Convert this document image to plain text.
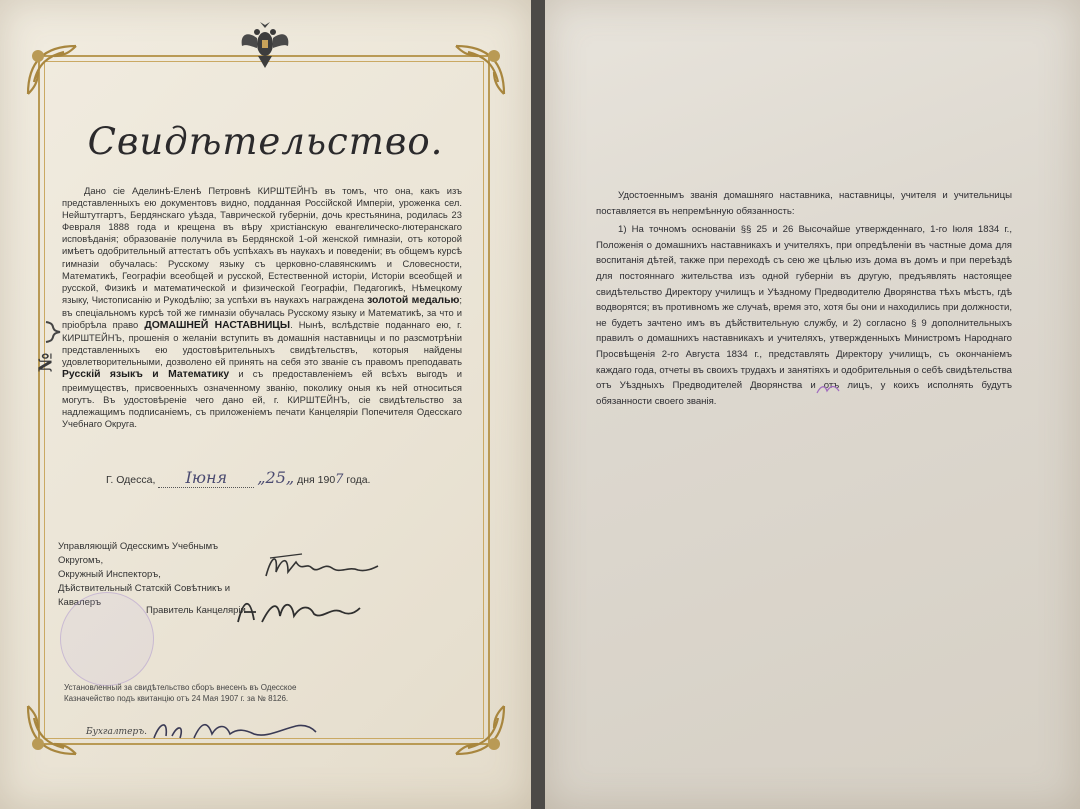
Свидѣтельство.
Дано сіе Аделинѣ-Еленѣ Петровнѣ КИРШТЕЙНЪ въ томъ, что она, какъ изъ представленныхъ ею документовъ видно, подданная Россійской Имперіи, уроженка сел. Нейштутгартъ, Бердянскаго уѣзда, Таврической губерніи, дочь крестьянина, родилась 23 Февраля 1888 года и крещена въ вѣру христіанскую евангелическо-лютеранскаго исповѣданія; образованіе получила въ Бердянской 1-ой женской гимназіи, отъ которой имѣетъ одобрительный аттестатъ объ успѣхахъ въ наукахъ и поведеніи; въ общемъ курсѣ гимназіи обучалась: Русскому языку съ церковно-славянскимъ и Словесности, Математикѣ, Географіи всеобщей и русской, Естественной исторіи, Исторіи всеобщей и русской, Физикѣ и математической и физической Географіи, Педагогикѣ, Нѣмецкому языку, Чистописанію и Рукодѣлію; за успѣхи въ наукахъ награждена золотой медалью; въ спеціальномъ курсѣ той же гимназіи обучалась Русскому языку и Математикѣ, за что и пріобрѣла право ДОМАШНЕЙ НАСТАВНИЦЫ. Нынѣ, вслѣдствіе поданнаго ею, г. КИРШТЕЙНЪ, прошенія о желаніи вступить въ домашнія наставницы и по разсмотрѣніи представленныхъ ею удостовѣрительныхъ свидѣтельствъ, которыя найдены удовлетворительными, дозволено ей принять на себя это званіе съ правомъ преподавать Русскій языкъ и Математику и съ предоставленіемъ ей всѣхъ выгодъ и преимуществъ, присвоенныхъ означенному званію, поколику оныя къ ней относиться могутъ. Въ удостовѣреніе чего дано ей, г. КИРШТЕЙНЪ, сіе свидѣтельство за надлежащимъ подписаніемъ, съ приложеніемъ печати Канцеляріи Попечителя Одесскаго Учебнаго Округа.
№
Г. Одесса, Іюня „25„ дня 1907 года.
Управляющій Одесскимъ Учебнымъ Округомъ,
Окружный Инспекторъ,
Дѣйствительный Статскій Совѣтникъ и Кавалеръ
Правитель Канцеляріи
Установленный за свидѣтельство сборъ внесенъ въ Одесское Казначейство подъ квитанцію отъ 24 Мая 1907 г. за № 8126.
Бухгалтеръ.

Удостоеннымъ званія домашняго наставника, наставницы, учителя и учительницы поставляется въ непремѣнную обязанность:

1) На точномъ основаніи §§ 25 и 26 Высочайше утвержденнаго, 1-го Іюля 1834 г., Положенія о домашнихъ наставникахъ и учителяхъ, при опредѣленіи въ частные дома для воспитанія дѣтей, также при переходѣ съ сею же цѣлью изъ дома въ домъ и при переѣздѣ для постояннаго жительства изъ одной губерніи въ другую, предъявлять настоящее свидѣтельство Директору училищъ и Уѣздному Предводителю Дворянства тѣхъ мѣстъ, гдѣ водворятся; въ противномъ же случаѣ, время это, хотя бы они и находились при должности, не будетъ зачтено имъ въ дѣйствительную службу, и 2) согласно § 9 дополнительныхъ правилъ о домашнихъ наставникахъ и учителяхъ, утвержденныхъ Министромъ Народнаго Просвѣщенія 2-го Августа 1834 г., представлять Директору училищъ, съ окончаніемъ каждаго года, отчеты въ своихъ трудахъ и занятіяхъ и одобрительныя о себѣ свидѣтельства отъ Уѣздныхъ Предводителей Дворянства и отъ лицъ, у коихъ исполнять будутъ обязанности своего званія.
